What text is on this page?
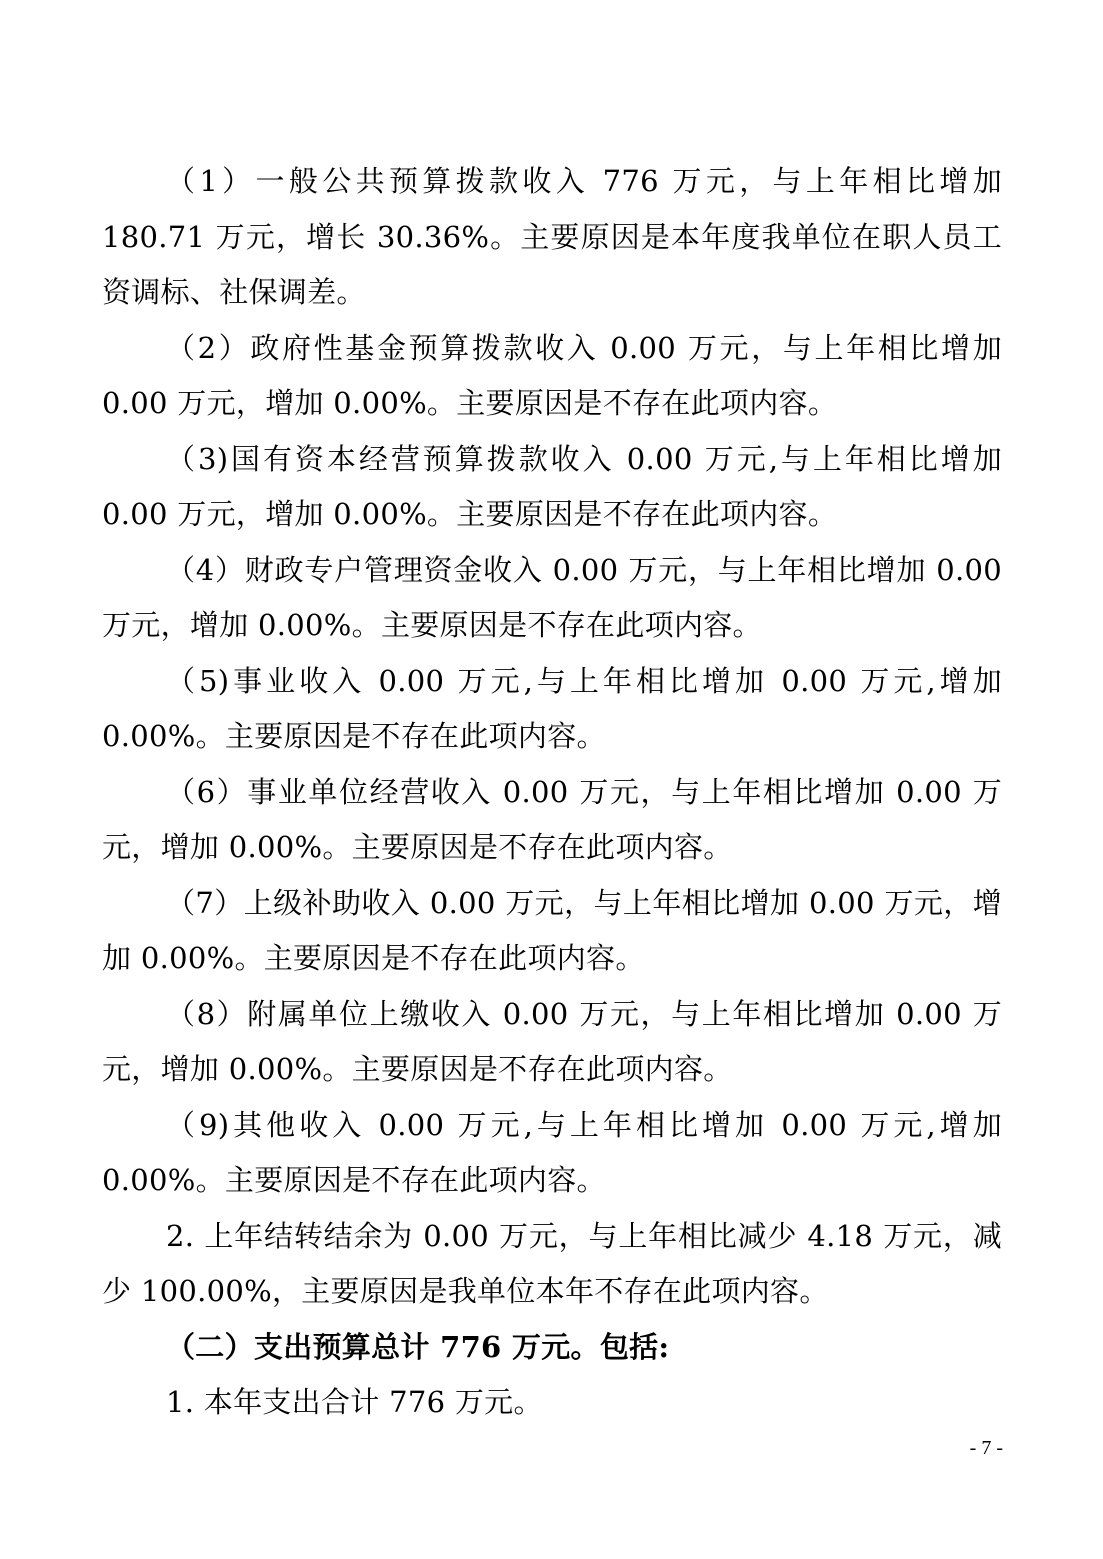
（1）一般公共预算拨款收入 776 万元，与上年相比增加 180.71 万元，增长 30.36%。主要原因是本年度我单位在职人员工资调标、社保调差。

（2）政府性基金预算拨款收入 0.00 万元，与上年相比增加 0.00 万元，增加 0.00%。主要原因是不存在此项内容。

（3)国有资本经营预算拨款收入 0.00 万元,与上年相比增加 0.00 万元，增加 0.00%。主要原因是不存在此项内容。

（4）财政专户管理资金收入 0.00 万元，与上年相比增加 0.00 万元，增加 0.00%。主要原因是不存在此项内容。

（5)事业收入 0.00 万元,与上年相比增加 0.00 万元,增加 0.00%。主要原因是不存在此项内容。

（6）事业单位经营收入 0.00 万元，与上年相比增加 0.00 万元，增加 0.00%。主要原因是不存在此项内容。

（7）上级补助收入 0.00 万元，与上年相比增加 0.00 万元，增加 0.00%。主要原因是不存在此项内容。

（8）附属单位上缴收入 0.00 万元，与上年相比增加 0.00 万元，增加 0.00%。主要原因是不存在此项内容。

（9)其他收入 0.00 万元,与上年相比增加 0.00 万元,增加 0.00%。主要原因是不存在此项内容。

2. 上年结转结余为 0.00 万元，与上年相比减少 4.18 万元，减少 100.00%，主要原因是我单位本年不存在此项内容。

（二）支出预算总计 776 万元。包括:

1. 本年支出合计 776 万元。

- 7 -
